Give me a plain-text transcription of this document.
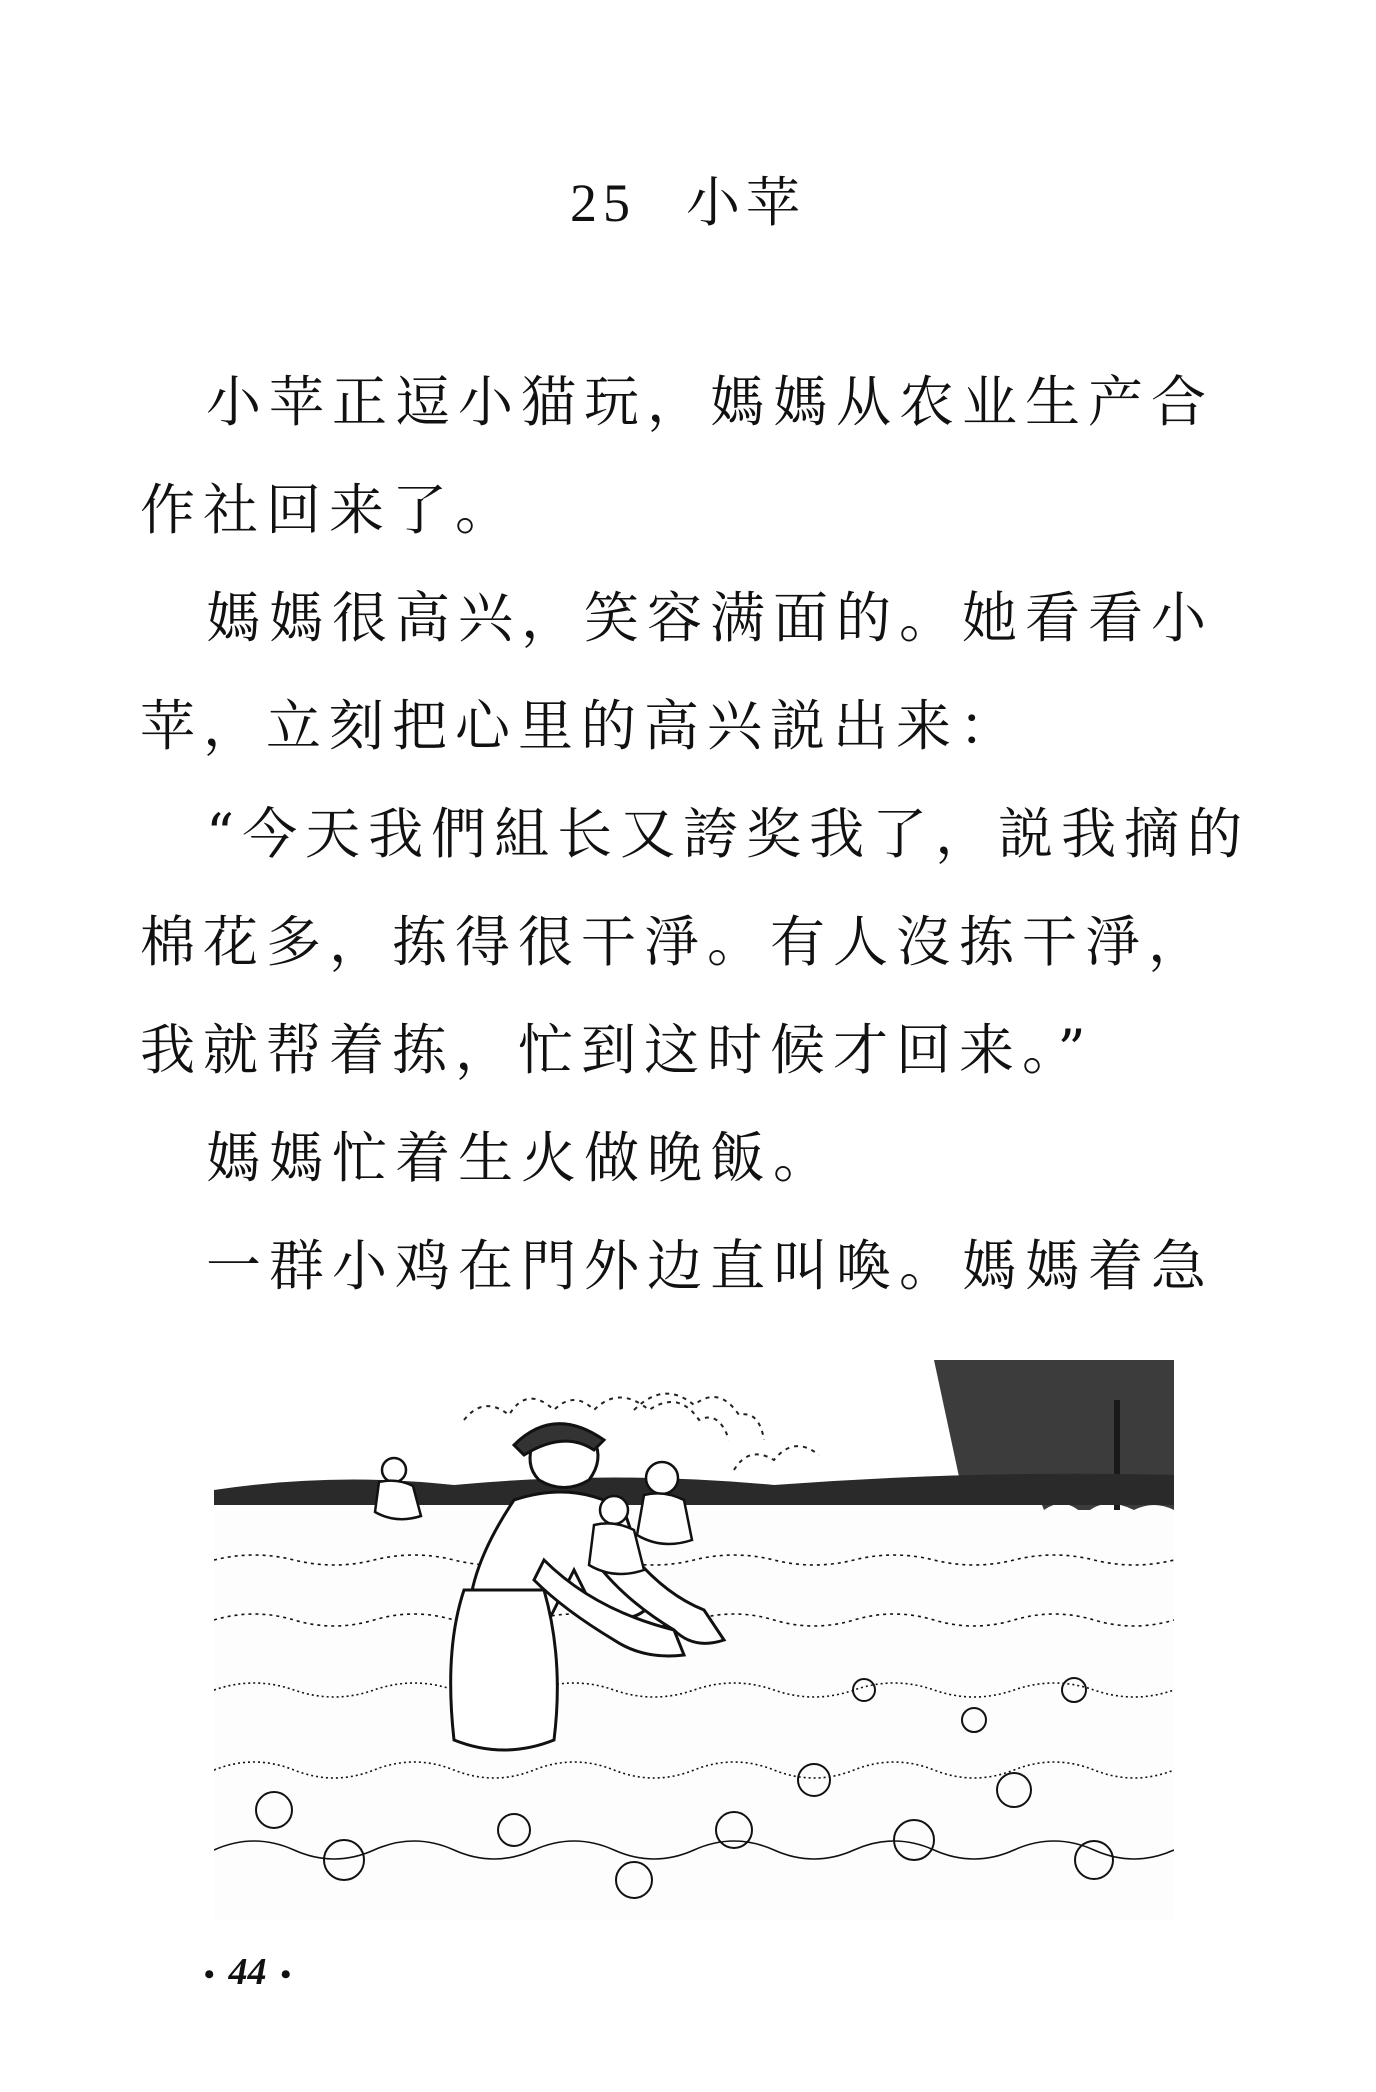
25 小苹

小苹正逗小猫玩，媽媽从农业生产合作社回来了。

媽媽很高兴，笑容满面的。她看看小苹，立刻把心里的高兴説出来：

“今天我們組长又誇奖我了，説我摘的棉花多，拣得很干淨。有人沒拣干淨，我就帮着拣，忙到这时候才回来。”

媽媽忙着生火做晚飯。

一群小鸡在門外边直叫喚。媽媽着急

• 44 •
